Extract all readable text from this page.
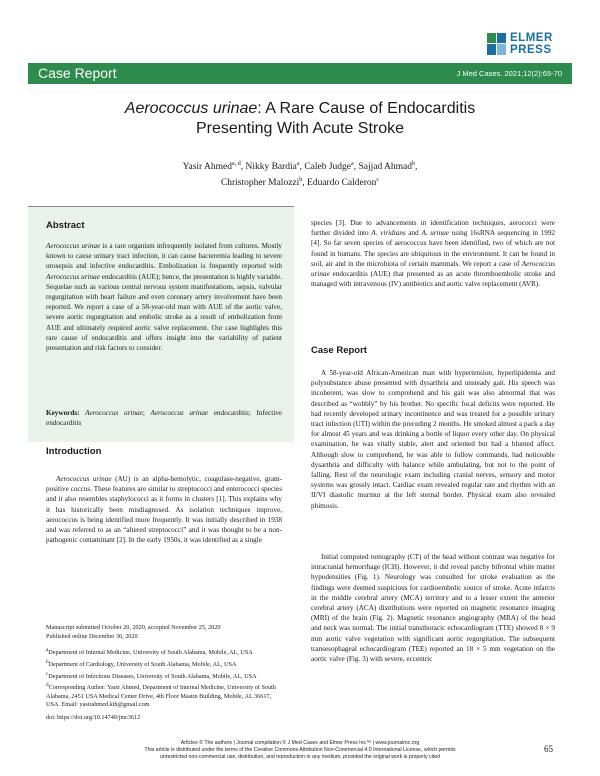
ELMER
PRESS
Case Report	J Med Cases. 2021;12(2):65-70
Aerococcus urinae: A Rare Cause of Endocarditis
Presenting With Acute Stroke
Yasir Ahmed$^{a, d}$, Nikky Bardia$^a$, Caleb Judge$^a$, Sajjad Ahmad$^b$,
Christopher Malozzi$^b$, Eduardo Calderon$^c$
Abstract
Aerococcus urinae is a rare organism infrequently isolated from cultures. Mostly known to cause urinary tract infection, it can cause bacteremia leading to severe urosepsis and infective endocarditis. Embolization is frequently reported with Aerococcus urinae endocarditis (AUE); hence, the presentation is highly variable. Sequelae such as various central nervous system manifestations, sepsis, valvular regurgitation with heart failure and even coronary artery involvement have been reported. We report a case of a 58-year-old man with AUE of the aortic valve, severe aortic regurgitation and embolic stroke as a result of embolization from AUE and ultimately required aortic valve replacement. Our case highlights this rare cause of endocarditis and offers insight into the variability of patient presentation and risk factors to consider.
Keywords: Aerococcus urinae; Aerococcus urinae endocarditis; Infective endocarditis
Introduction
Aerococcus urinae (AU) is an alpha-hemolytic, coagulase-negative, gram-positive coccus. These features are similar to streptococci and enterococci species and it also resembles staphylococci as it forms in clusters [1]. This explains why it has historically been misdiagnosed. As isolation techniques improve, aerococcus is being identified more frequently. It was initially described in 1938 and was referred to as an “altered streptococci” and it was thought to be a non-pathogenic contaminant [2]. In the early 1950s, it was identified as a single
Manuscript submitted October 20, 2020, accepted November 25, 2020
Published online December 30, 2020
$^a$Department of Internal Medicine, University of South Alabama, Mobile, AL, USA
$^b$Department of Cardiology, University of South Alabama, Mobile, AL, USA
$^c$Department of Infectious Diseases, University of South Alabama, Mobile, AL, USA
$^d$Corresponding Author: Yasir Ahmed, Department of Internal Medicine, University of South Alabama, 2451 USA Medical Center Drive, 4th Floor Mastin Building, Mobile, AL 36617, USA. Email: yasirahmed.kth@gmail.com
doi: https://doi.org/10.14740/jmc3612
species [3]. Due to advancements in identification techniques, aerococci were further divided into A. viridians and A. urinae using 16sRNA sequencing in 1992 [4]. So far seven species of aerococcus have been identified, two of which are not found in humans. The species are ubiquitous in the environment. It can be found in soil, air and in the microbiota of certain mammals. We report a case of Aerococcus urinae endocarditis (AUE) that presented as an acute thromboembolic stroke and managed with intravenous (IV) antibiotics and aortic valve replacement (AVR).
Case Report
A 58-year-old African-American man with hypertension, hyperlipidemia and polysubstance abuse presented with dysarthria and unsteady gait. His speech was incoherent, was slow to comprehend and his gait was also abnormal that was described as “wobbly” by his brother. No specific focal deficits were reported. He had recently developed urinary incontinence and was treated for a possible urinary tract infection (UTI) within the preceding 2 months. He smoked almost a pack a day for almost 45 years and was drinking a bottle of liquor every other day. On physical examination, he was vitally stable, alert and oriented but had a blunted affect. Although slow to comprehend, he was able to follow commands, had noticeable dysarthria and difficulty with balance while ambulating, but not to the point of falling. Rest of the neurologic exam including cranial nerves, sensory and motor systems was grossly intact. Cardiac exam revealed regular rate and rhythm with an II/VI diastolic murmur at the left sternal border. Physical exam also revealed phimosis.
Initial computed tomography (CT) of the head without contrast was negative for intracranial hemorrhage (ICH). However, it did reveal patchy bifrontal white matter hypodensities (Fig. 1). Neurology was consulted for stroke evaluation as the findings were deemed suspicious for cardioembolic source of stroke. Acute infarcts in the middle cerebral artery (MCA) territory and to a lesser extent the anterior cerebral artery (ACA) distributions were reported on magnetic resonance imaging (MRI) of the brain (Fig. 2). Magnetic resonance angiography (MRA) of the head and neck was normal. The initial transthoracic echocardiogram (TTE) showed 8 × 9 mm aortic valve vegetation with significant aortic regurgitation. The subsequent transesophageal echocardiogram (TEE) reported an 18 × 5 mm vegetation on the aortic valve (Fig. 3) with severe, eccentric
Articles © The authors | Journal compilation © J Med Cases and Elmer Press Inc™ | www.journalmc.org
This article is distributed under the terms of the Creative Commons Attribution Non-Commercial 4.0 International License, which permits
unrestricted non-commercial use, distribution, and reproduction in any medium, provided the original work is properly cited
65
